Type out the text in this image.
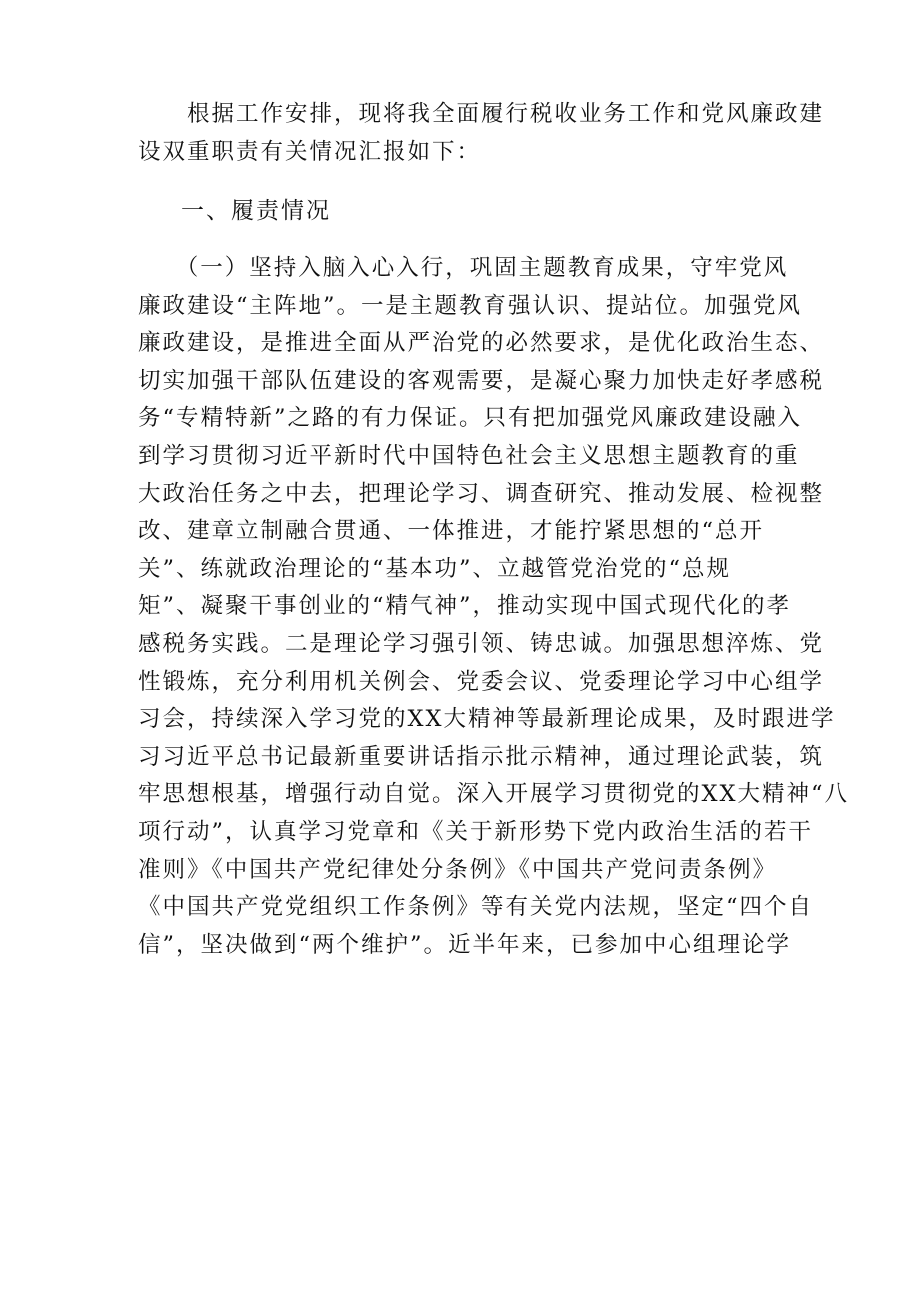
　　根据工作安排，现将我全面履行税收业务工作和党风廉政建
设双重职责有关情况汇报如下：
一、履责情况
　　（一）坚持入脑入心入行，巩固主题教育成果，守牢党风
廉政建设“主阵地”。一是主题教育强认识、提站位。加强党风
廉政建设，是推进全面从严治党的必然要求，是优化政治生态、
切实加强干部队伍建设的客观需要，是凝心聚力加快走好孝感税
务“专精特新”之路的有力保证。只有把加强党风廉政建设融入
到学习贯彻习近平新时代中国特色社会主义思想主题教育的重
大政治任务之中去，把理论学习、调查研究、推动发展、检视整
改、建章立制融合贯通、一体推进，才能拧紧思想的“总开
关”、练就政治理论的“基本功”、立越管党治党的“总规
矩”、凝聚干事创业的“精气神”，推动实现中国式现代化的孝
感税务实践。二是理论学习强引领、铸忠诚。加强思想淬炼、党
性锻炼，充分利用机关例会、党委会议、党委理论学习中心组学
习会，持续深入学习党的XX大精神等最新理论成果，及时跟进学
习习近平总书记最新重要讲话指示批示精神，通过理论武装，筑
牢思想根基，增强行动自觉。深入开展学习贯彻党的XX大精神“八
项行动”，认真学习党章和《关于新形势下党内政治生活的若干
准则》《中国共产党纪律处分条例》《中国共产党问责条例》
《中国共产党党组织工作条例》等有关党内法规，坚定“四个自
信”，坚决做到“两个维护”。近半年来，已参加中心组理论学
